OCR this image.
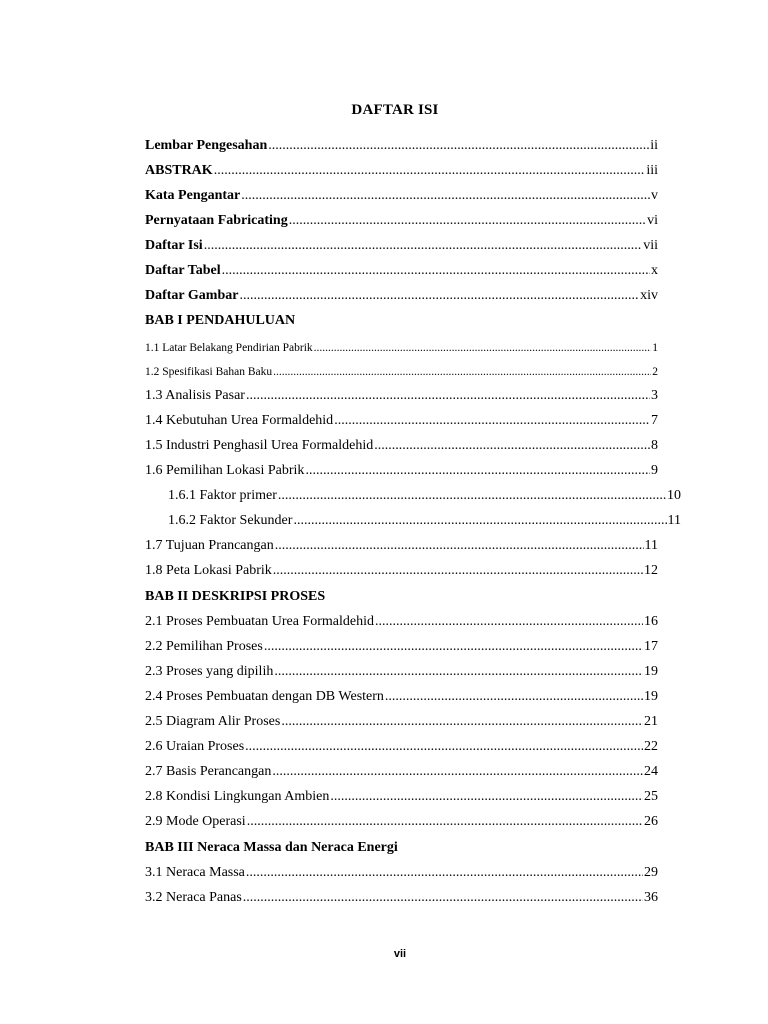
DAFTAR ISI
Lembar Pengesahan .....	ii
ABSTRAK .....	iii
Kata Pengantar .....	v
Pernyataan Fabricating .....	vi
Daftar Isi .....	vii
Daftar Tabel .....	x
Daftar Gambar .....	xiv
BAB I PENDAHULUAN
1.1 Latar Belakang Pendirian Pabrik .....	1
1.2 Spesifikasi Bahan Baku .....	2
1.3 Analisis Pasar .....	3
1.4 Kebutuhan Urea Formaldehid .....	7
1.5 Industri Penghasil Urea Formaldehid .....	8
1.6 Pemilihan Lokasi Pabrik .....	9
1.6.1 Faktor primer .....	10
1.6.2 Faktor Sekunder .....	11
1.7 Tujuan Prancangan .....	11
1.8 Peta Lokasi Pabrik .....	12
BAB II DESKRIPSI PROSES
2.1 Proses Pembuatan Urea Formaldehid .....	16
2.2 Pemilihan Proses .....	17
2.3 Proses yang dipilih .....	19
2.4 Proses Pembuatan dengan DB Western .....	19
2.5 Diagram Alir Proses .....	21
2.6 Uraian Proses .....	22
2.7 Basis Perancangan .....	24
2.8 Kondisi Lingkungan Ambien .....	25
2.9 Mode Operasi .....	26
BAB III Neraca Massa dan Neraca Energi
3.1 Neraca Massa .....	29
3.2 Neraca Panas .....	36
vii
